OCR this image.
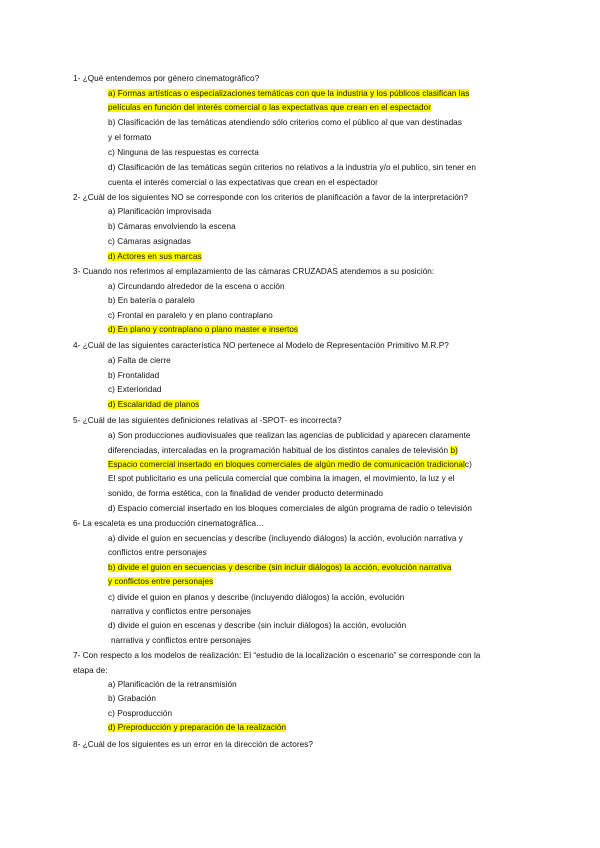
1- ¿Qué entendemos por género cinematográfico?
a) Formas artísticas o especializaciones temáticas con que la industria y los públicos clasifican las
películas en función del interés comercial o las expectativas que crean en el espectador
b) Clasificación de las temáticas atendiendo sólo criterios como el público al que van destinadas
y el formato
c) Ninguna de las respuestas es correcta
d) Clasificación de las temáticas según criterios no relativos a la industria y/o el publico, sin tener en
cuenta el interés comercial o las expectativas que crean en el espectador
2- ¿Cuál de los siguientes NO se corresponde con los criterios de planificación a favor de la interpretación?
a) Planificación improvisada
b) Cámaras envolviendo la escena
c) Cámaras asignadas
d) Actores en sus marcas
3- Cuando nos referimos al emplazamiento de las cámaras CRUZADAS atendemos a su posición:
a) Circundando alrededor de la escena o acción
b) En batería o paralelo
c) Frontal en paralelo y en plano contraplano
d) En plano y contraplano o plano master e insertos
4- ¿Cuál de las siguientes característica NO pertenece al Modelo de Representación Primitivo M.R.P?
a) Falta de cierre
b) Frontalidad
c) Exterioridad
d) Escalaridad de planos
5- ¿Cuál de las siguientes definiciones relativas al -SPOT- es incorrecta?
a) Son producciones audiovisuales que realizan las agencias de publicidad y aparecen claramente
diferenciadas, intercaladas en la programación habitual de los distintos canales de televisión b)
Espacio comercial insertado en bloques comerciales de algún medio de comunicación tradicionalc)
El spot publicitario es una película comercial que combina la imagen, el movimiento, la luz y el
sonido, de forma estética, con la finalidad de vender producto determinado
d) Espacio comercial insertado en los bloques comerciales de algún programa de radio o televisión
6- La escaleta es una producción cinematográfica…
a) divide el guion en secuencias y describe (incluyendo diálogos) la acción, evolución narrativa y
conflictos entre personajes
b) divide el guion en secuencias y describe (sin incluir diálogos) la acción, evolución narrativa
y conflictos entre personajes
c) divide el guion en planos y describe (incluyendo diálogos) la acción, evolución
narrativa y conflictos entre personajes
d) divide el guion en escenas y describe (sin incluir diálogos) la acción, evolución
narrativa y conflictos entre personajes
7- Con respecto a los modelos de realización: El “estudio de la localización o escenario” se corresponde con la
etapa de:
a) Planificación de la retransmisión
b) Grabación
c) Posproducción
d) Preproducción y preparación de la realización
8- ¿Cuál de los siguientes es un error en la dirección de actores?
